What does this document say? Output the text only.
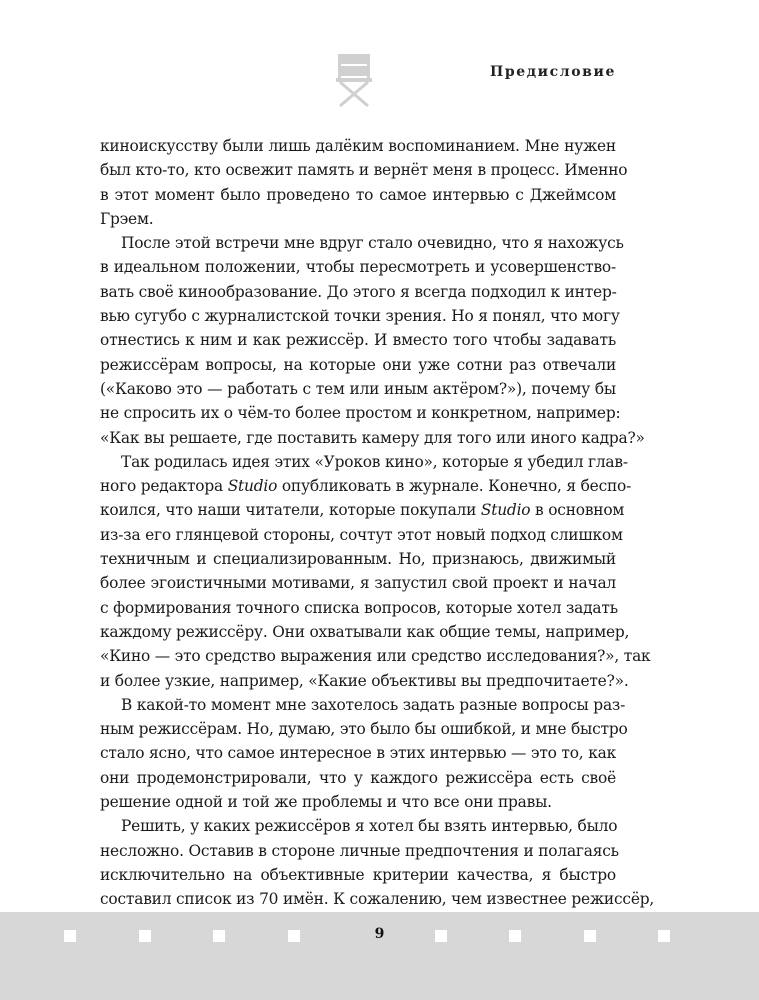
Предисловие
киноискусству были лишь далёким воспоминанием. Мне нужен
был кто-то, кто освежит память и вернёт меня в процесс. Именно
в этот момент было проведено то самое интервью с Джеймсом
Грэем.
После этой встречи мне вдруг стало очевидно, что я нахожусь
в идеальном положении, чтобы пересмотреть и усовершенство-
вать своё кинообразование. До этого я всегда подходил к интер-
вью сугубо с журналистской точки зрения. Но я понял, что могу
отнестись к ним и как режиссёр. И вместо того чтобы задавать
режиссёрам вопросы, на которые они уже сотни раз отвечали
(«Каково это — работать с тем или иным актёром?»), почему бы
не спросить их о чём-то более простом и конкретном, например:
«Как вы решаете, где поставить камеру для того или иного кадра?»
Так родилась идея этих «Уроков кино», которые я убедил глав-
ного редактора Studio опубликовать в журнале. Конечно, я беспо-
коился, что наши читатели, которые покупали Studio в основном
из-за его глянцевой стороны, сочтут этот новый подход слишком
техничным и специализированным. Но, признаюсь, движимый
более эгоистичными мотивами, я запустил свой проект и начал
с формирования точного списка вопросов, которые хотел задать
каждому режиссёру. Они охватывали как общие темы, например,
«Кино — это средство выражения или средство исследования?», так
и более узкие, например, «Какие объективы вы предпочитаете?».
В какой-то момент мне захотелось задать разные вопросы раз-
ным режиссёрам. Но, думаю, это было бы ошибкой, и мне быстро
стало ясно, что самое интересное в этих интервью — это то, как
они продемонстрировали, что у каждого режиссёра есть своё
решение одной и той же проблемы и что все они правы.
Решить, у каких режиссёров я хотел бы взять интервью, было
несложно. Оставив в стороне личные предпочтения и полагаясь
исключительно на объективные критерии качества, я быстро
составил список из 70 имён. К сожалению, чем известнее режиссёр,
9
